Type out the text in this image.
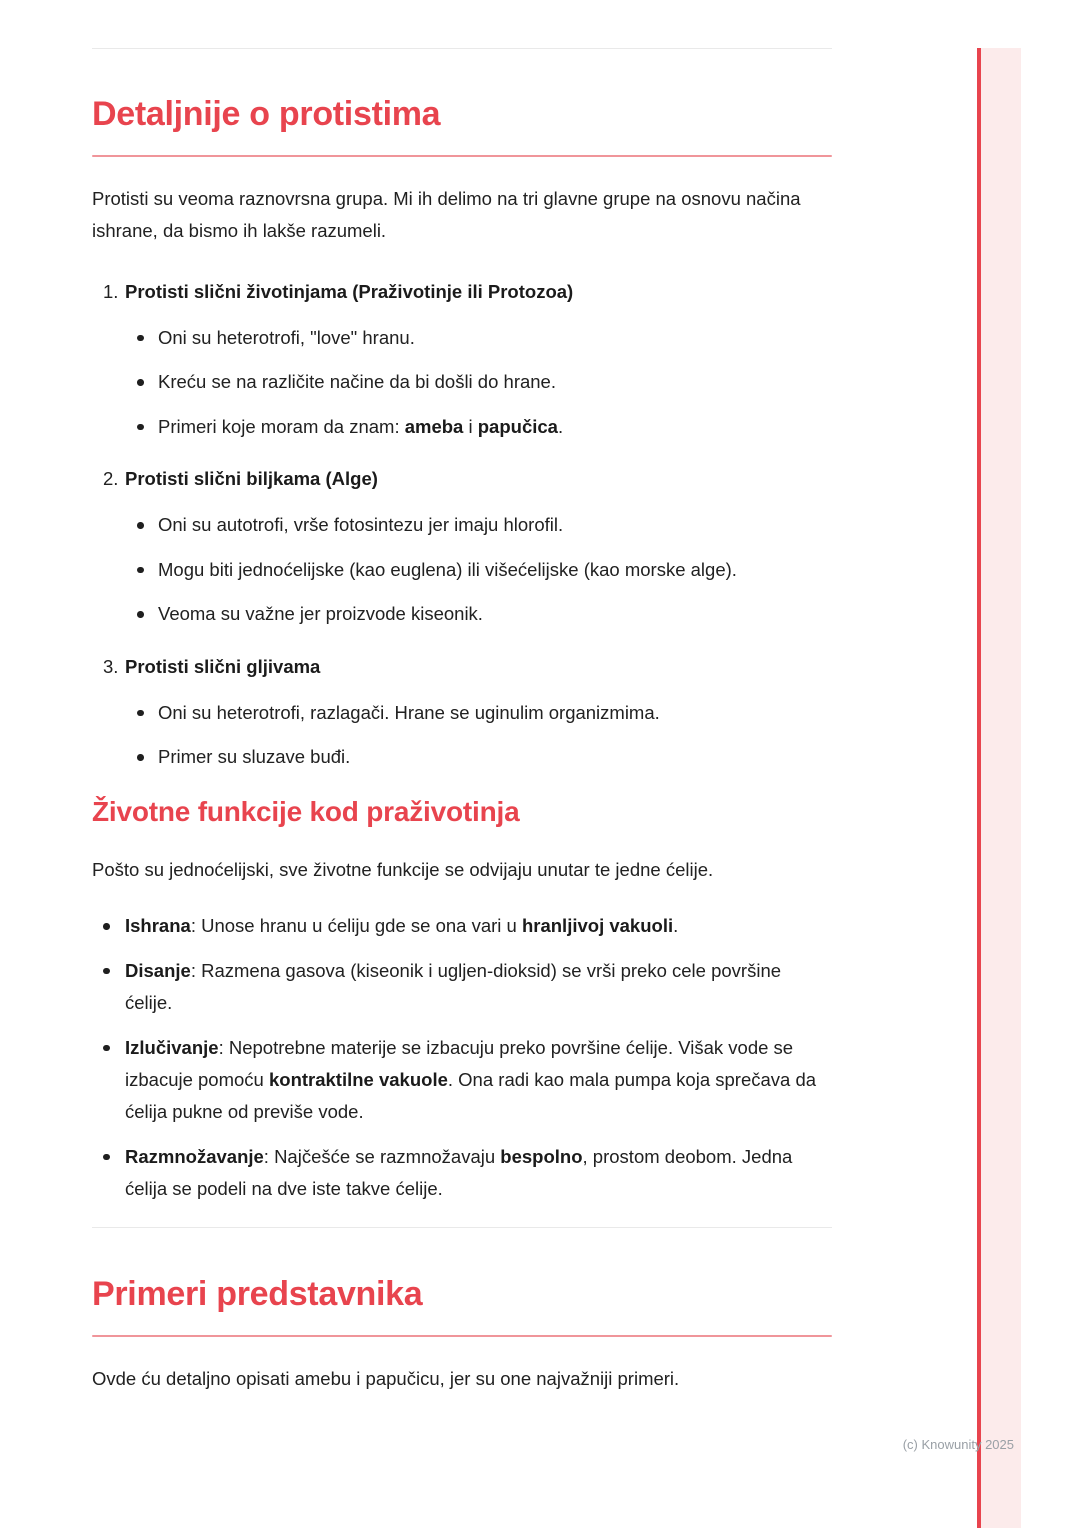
Detaljnije o protistima

Protisti su veoma raznovrsna grupa. Mi ih delimo na tri glavne grupe na osnovu načina ishrane, da bismo ih lakše razumeli.

1. Protisti slični životinjama (Praživotinje ili Protozoa)
Oni su heterotrofi, "love" hranu.
Kreću se na različite načine da bi došli do hrane.
Primeri koje moram da znam: ameba i papučica.
2. Protisti slični biljkama (Alge)
Oni su autotrofi, vrše fotosintezu jer imaju hlorofil.
Mogu biti jednoćelijske (kao euglena) ili višećelijske (kao morske alge).
Veoma su važne jer proizvode kiseonik.
3. Protisti slični gljivama
Oni su heterotrofi, razlagači. Hrane se uginulim organizmima.
Primer su sluzave buđi.
Životne funkcije kod praživotinja

Pošto su jednoćelijski, sve životne funkcije se odvijaju unutar te jedne ćelije.

Ishrana: Unose hranu u ćeliju gde se ona vari u hranljivoj vakuoli.
Disanje: Razmena gasova (kiseonik i ugljen-dioksid) se vrši preko cele površine ćelije.
Izlučivanje: Nepotrebne materije se izbacuju preko površine ćelije. Višak vode se izbacuje pomoću kontraktilne vakuole. Ona radi kao mala pumpa koja sprečava da ćelija pukne od previše vode.
Razmnožavanje: Najčešće se razmnožavaju bespolno, prostom deobom. Jedna ćelija se podeli na dve iste takve ćelije.
Primeri predstavnika

Ovde ću detaljno opisati amebu i papučicu, jer su one najvažniji primeri.

(c) Knowunity 2025
